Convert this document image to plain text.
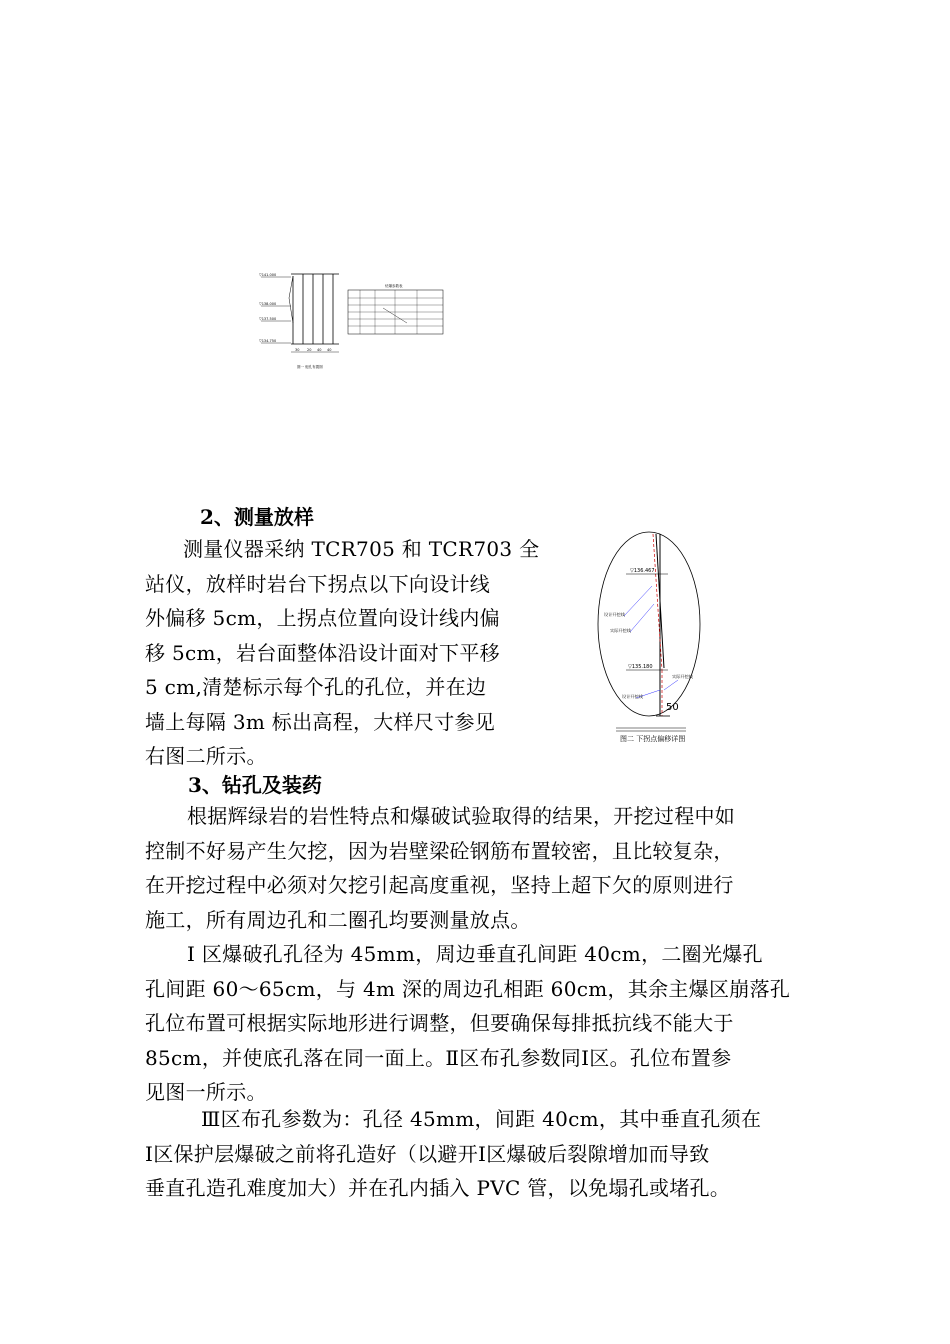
▽141.000
▽138.000
▽137.500
▽134.750
30 20 40 40
图一 炮孔布置图
钻爆参数表
▽136.467
设计开挖线
实际开挖线
▽135.180
实际开挖线
设计开挖线
50
图二 下拐点偏移详图
2、测量放样
测量仪器采纳 TCR705 和 TCR703 全
站仪，放样时岩台下拐点以下向设计线
外偏移 5cm，上拐点位置向设计线内偏
移 5cm，岩台面整体沿设计面对下平移
5 cm,清楚标示每个孔的孔位，并在边
墙上每隔 3m 标出高程，大样尺寸参见
右图二所示。
3、钻孔及装药
根据辉绿岩的岩性特点和爆破试验取得的结果，开挖过程中如
控制不好易产生欠挖，因为岩壁梁砼钢筋布置较密，且比较复杂，
在开挖过程中必须对欠挖引起高度重视，坚持上超下欠的原则进行
施工，所有周边孔和二圈孔均要测量放点。
Ⅰ 区爆破孔孔径为 45mm，周边垂直孔间距 40cm，二圈光爆孔
孔间距 60～65cm，与 4m 深的周边孔相距 60cm，其余主爆区崩落孔
孔位布置可根据实际地形进行调整，但要确保每排抵抗线不能大于
85cm，并使底孔落在同一面上。Ⅱ区布孔参数同Ⅰ区。孔位布置参
见图一所示。
Ⅲ区布孔参数为：孔径 45mm，间距 40cm，其中垂直孔须在
Ⅰ区保护层爆破之前将孔造好（以避开Ⅰ区爆破后裂隙增加而导致
垂直孔造孔难度加大）并在孔内插入 PVC 管，以免塌孔或堵孔。
